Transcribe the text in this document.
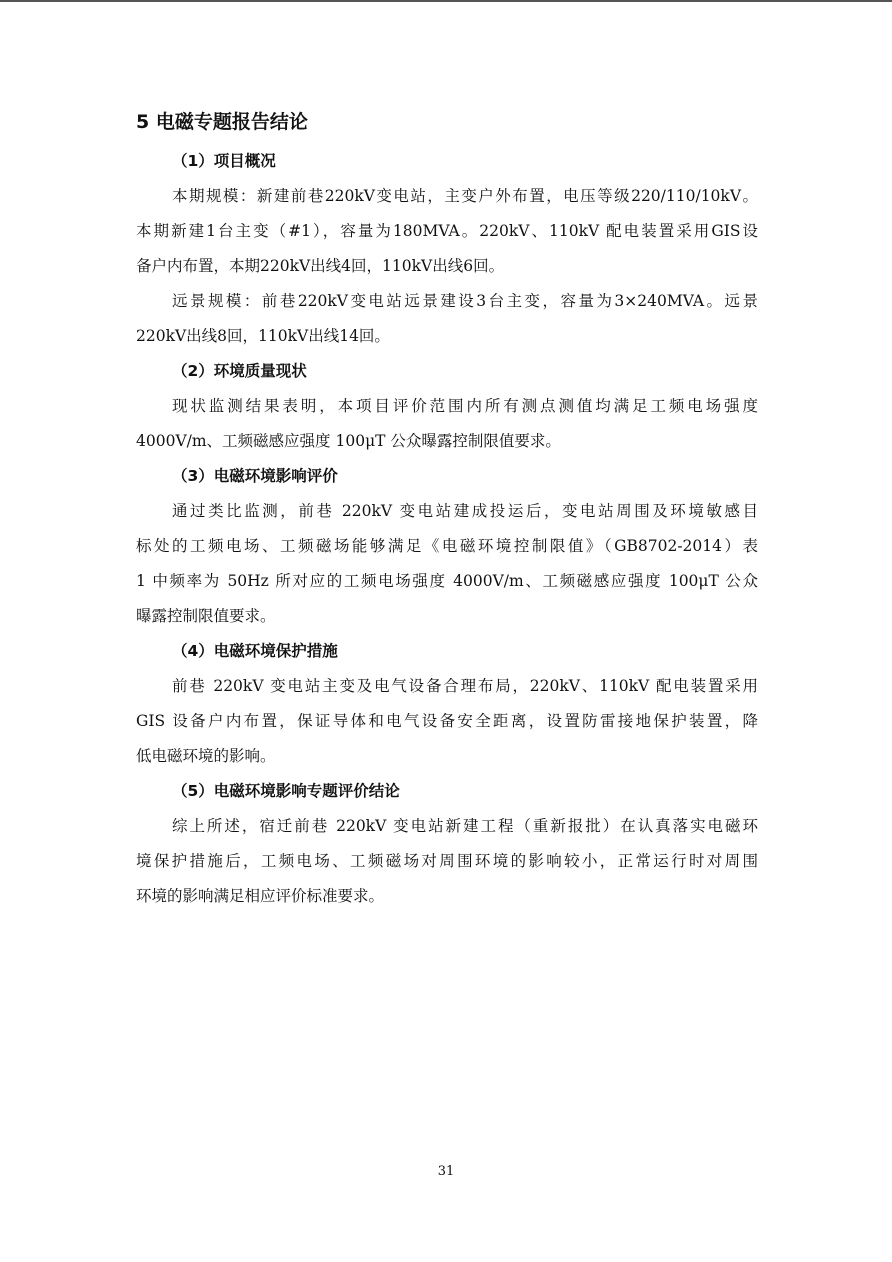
5 电磁专题报告结论
（1）项目概况
本期规模：新建前巷220kV变电站，主变户外布置，电压等级220/110/10kV。
本期新建1台主变（#1），容量为180MVA。220kV、110kV 配电装置采用GIS设
备户内布置，本期220kV出线4回，110kV出线6回。
远景规模：前巷220kV变电站远景建设3台主变，容量为3×240MVA。远景
220kV出线8回，110kV出线14回。
（2）环境质量现状
现状监测结果表明，本项目评价范围内所有测点测值均满足工频电场强度
4000V/m、工频磁感应强度 100μT 公众曝露控制限值要求。
（3）电磁环境影响评价
通过类比监测，前巷 220kV 变电站建成投运后，变电站周围及环境敏感目
标处的工频电场、工频磁场能够满足《电磁环境控制限值》（GB8702-2014）表
1 中频率为 50Hz 所对应的工频电场强度 4000V/m、工频磁感应强度 100μT 公众
曝露控制限值要求。
（4）电磁环境保护措施
前巷 220kV 变电站主变及电气设备合理布局，220kV、110kV 配电装置采用
GIS 设备户内布置，保证导体和电气设备安全距离，设置防雷接地保护装置，降
低电磁环境的影响。
（5）电磁环境影响专题评价结论
综上所述，宿迁前巷 220kV 变电站新建工程（重新报批）在认真落实电磁环
境保护措施后，工频电场、工频磁场对周围环境的影响较小，正常运行时对周围
环境的影响满足相应评价标准要求。
31
